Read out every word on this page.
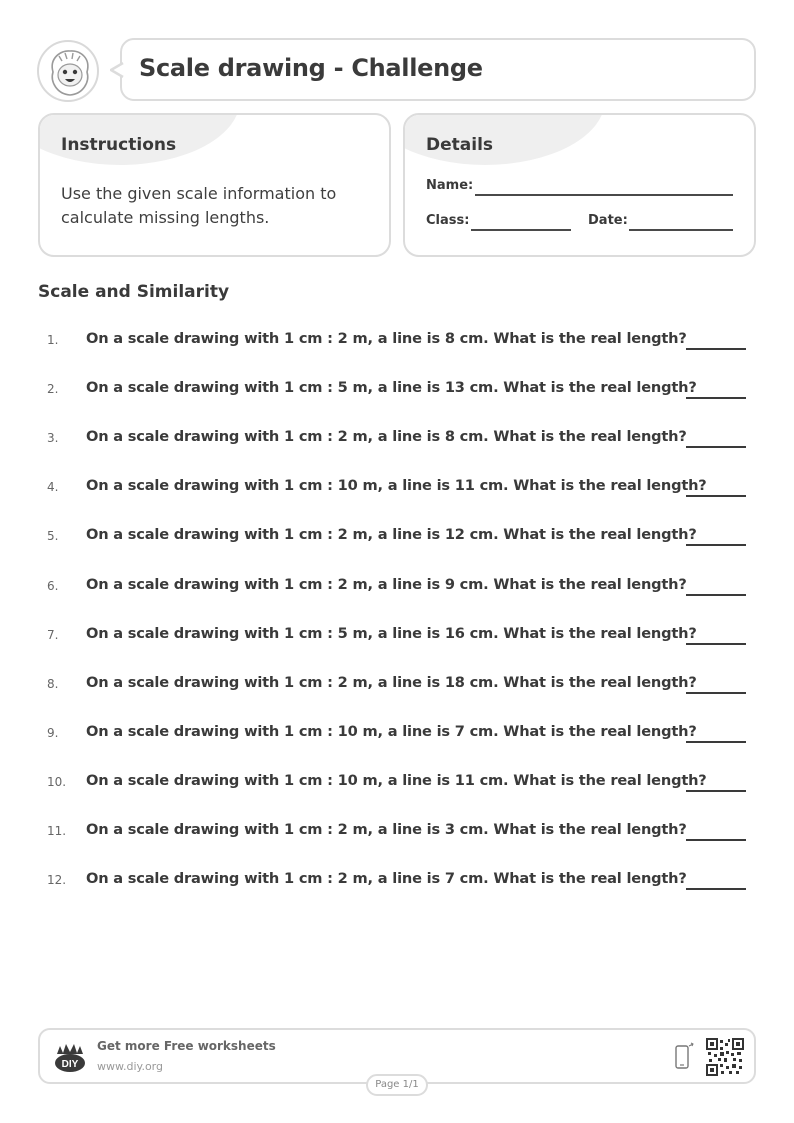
Scale drawing - Challenge
Instructions
Use the given scale information to calculate missing lengths.
Details
Name:
Class:	Date:
Scale and Similarity
1. On a scale drawing with 1 cm : 2 m, a line is 8 cm. What is the real length?
2. On a scale drawing with 1 cm : 5 m, a line is 13 cm. What is the real length?
3. On a scale drawing with 1 cm : 2 m, a line is 8 cm. What is the real length?
4. On a scale drawing with 1 cm : 10 m, a line is 11 cm. What is the real length?
5. On a scale drawing with 1 cm : 2 m, a line is 12 cm. What is the real length?
6. On a scale drawing with 1 cm : 2 m, a line is 9 cm. What is the real length?
7. On a scale drawing with 1 cm : 5 m, a line is 16 cm. What is the real length?
8. On a scale drawing with 1 cm : 2 m, a line is 18 cm. What is the real length?
9. On a scale drawing with 1 cm : 10 m, a line is 7 cm. What is the real length?
10. On a scale drawing with 1 cm : 10 m, a line is 11 cm. What is the real length?
11. On a scale drawing with 1 cm : 2 m, a line is 3 cm. What is the real length?
12. On a scale drawing with 1 cm : 2 m, a line is 7 cm. What is the real length?
DIY
Get more Free worksheets
www.diy.org
Page 1/1
